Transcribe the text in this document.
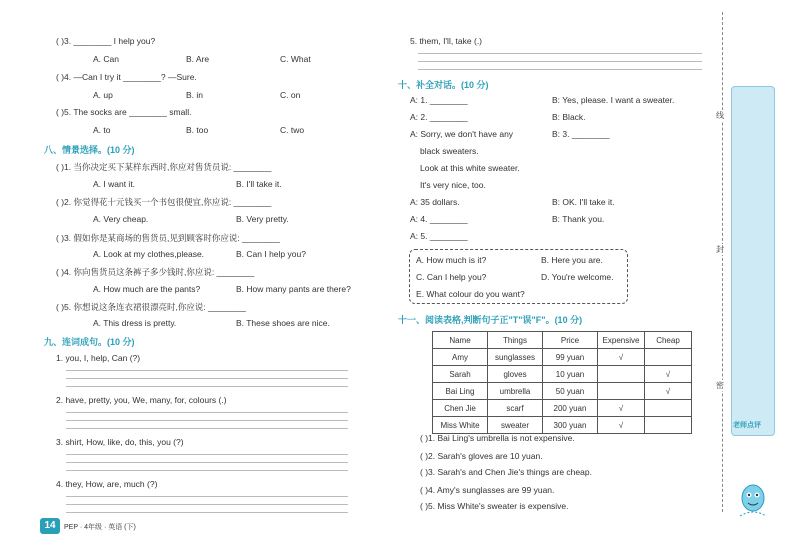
( )3. ________ I help you?
A. Can	B. Are	C. What
( )4. —Can I try it ________? —Sure.
A. up	B. in	C. on
( )5. The socks are ________ small.
A. to	B. too	C. two
八、情景选择。(10 分)
( )1. 当你决定买下某样东西时,你应对售货员说: ________
A. I want it.	B. I'll take it.
( )2. 你觉得花十元钱买一个书包很便宜,你应说: ________
A. Very cheap.	B. Very pretty.
( )3. 假如你是某商场的售货员,见到顾客时你应说: ________
A. Look at my clothes,please.	B. Can I help you?
( )4. 你向售货员这条裤子多少钱时,你应说: ________
A. How much are the pants?	B. How many pants are there?
( )5. 你想说这条连衣裙很漂亮时,你应说: ________
A. This dress is pretty.	B. These shoes are nice.
九、连词成句。(10 分)
1. you, I, help, Can (?)
2. have, pretty, you, We, many, for, colours (.)
3. shirt, How, like, do, this, you (?)
4. they, How, are, much (?)
14	PEP · 4年级 · 英语 (下)
5. them, I'll, take (.)
十、补全对话。(10 分)
A: 1. ________	B: Yes, please. I want a sweater.
A: 2. ________	B: Black.
A: Sorry, we don't have any	B: 3. ________
black sweaters.
Look at this white sweater.
It's very nice, too.
A: 35 dollars.	B: OK. I'll take it.
A: 4. ________	B: Thank you.
A: 5. ________
A. How much is it?	B. Here you are.
C. Can I help you?	D. You're welcome.
E. What colour do you want?
十一、阅读表格,判断句子正"T"误"F"。(10 分)
Name	Things	Price	Expensive	Cheap
Amy	sunglasses	99 yuan	√	
Sarah	gloves	10 yuan		√
Bai Ling	umbrella	50 yuan		√
Chen Jie	scarf	200 yuan	√	
Miss White	sweater	300 yuan	√	
( )1. Bai Ling's umbrella is not expensive.
( )2. Sarah's gloves are 10 yuan.
( )3. Sarah's and Chen Jie's things are cheap.
( )4. Amy's sunglasses are 99 yuan.
( )5. Miss White's sweater is expensive.
线
封
密
老师点评
